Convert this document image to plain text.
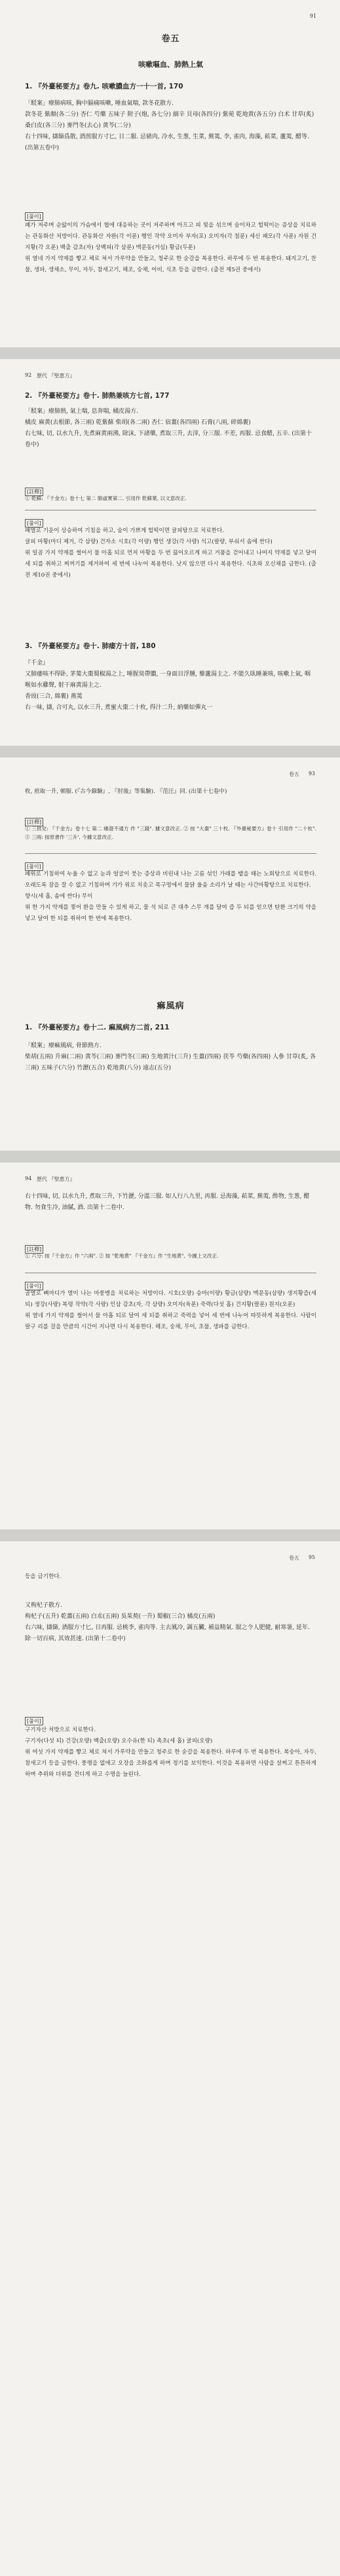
91
卷五
咳嗽嘔血、肺熱上氣
1. 『外臺秘要方』卷九. 咳嗽膿血方一十一首, 170
「駁案」療肺病咳, 胸中膈痛咳嗽, 唾血氣喘, 款冬花散方.
款冬花 紫顏(各二分) 杏仁 芍藥 五味子 附子(炮, 各七分) 細辛 貝母(各四分) 紫菀 乾地黄(各五分) 白术 甘草(炙) 桑白皮(各三分) 麥門冬(去心) 黄芩(二分)
右十四味, 擣篩爲散, 酒煎服方寸匕, 日二服. 忌豬肉, 冷水, 生葱, 生菜, 蕪荑, 李, 雀肉, 海藻, 菘菜, 蘆荑, 醋等. (出第五卷中)
[풀이]
폐가 저주며 순앓이의 가슴에서 협에 대응하는 곳이 저주하며 아프고 피 빛을 섞으며 숨이차고 헐떡이는 증상을 치료하는 관동화산 처방이다. 관동화산 자완(각 이푼) 행인 작약 오미자 부자(포) 오미자(각 칠푼) 세신 패모(각 사푼) 자원 건지황(각 오푼) 백출 감초(자) 상백피(각 삼푼) 맥문동(거심) 황금(두푼)
위 열네 가지 약재를 빻고 체로 쳐서 가루약을 만들고, 청주로 한 숟갈을 복용한다. 하루에 두 번 복용한다. 돼지고기, 찬물, 생파, 생채소, 무이, 자두, 참새고기, 해조, 숭채, 어비, 식초 등을 금한다. (출전 제5권 중에서)
92 歷代 『聖惠方』
2. 『外臺秘要方』卷十. 肺熱兼咳方七首, 177
「駁案」療肺熱, 氣上喘, 息奔喘, 橘皮湯方.
橘皮 麻黄(去根節, 各三兩) 乾紫蘇 柴胡(各二兩) 杏仁 宿薑(各四兩) 石膏(八兩, 碎綿裹)
右七味, 切, 以水九升, 先煮麻黄兩沸, 除沫, 下諸藥, 煮取三升, 去滓, 分三服. 不差, 再服. 忌食醋, 五辛. (出第十卷中)
[註釋]
① 乾蘇: 『千金方』卷十七 第二 肺虛實第二. 引用作 乾蘇葉, 以文意改正.
[풀이]
폐열로 기운이 상승하여 기침을 하고, 숨이 가쁘게 헐떡이면 귤피탕으로 치료한다.
귤피 마황(마디 제거, 각 삼량) 건자소 시호(각 이량) 행인 생강(각 사량) 석고(팔량, 부숴서 솜에 싼다)
위 일곱 가지 약재를 썰어서 물 아홉 되로 먼저 마황을 두 번 끓어오르게 하고 거품을 걷어내고 나머지 약재를 넣고 달여 세 되를 취하고 찌꺼기를 제거하여 세 번에 나누어 복용한다. 낫지 않으면 다시 복용한다. 식초와 오신채를 금한다. (출전 제10권 중에서)
3. 『外臺秘要方』卷十. 肺痿方十首, 180
『千金』
又肺痿咳不得卧, 茅葉大棗蜀椒湯之上, 唾腥臭帶膿, 一身面目浮腫, 藜蘆湯主之. 不能久臥睡兼咳, 咳嗽上氣, 咽喉如水雞聲, 射干麻黄湯主之.
香豉(三合, 綿裹) 燕荑
右一味, 擣, 合可丸, 以水三升, 煮蜜大棗二十枚, 得汁二升, 納藥如彈丸一
卷五 93
枚, 煎取一升, 頓服. (『古今錄驗』, 『肘後』等集驗). 『范汪』同. (出第十七卷中)
[註釋]
① 三拱兌: 『千金方』卷十七 第二 痿證不通方 作 "三錢". 據文意改正. ② 按 "大棗" 三十枚, 『外臺秘要方』卷十 引用作 "二十枚". ③ 三兩: 按原書作 '三升', 今據文意改正.
[풀이]
폐위로 기침하여 누울 수 없고 눈과 얼굴이 붓는 증상과 비린내 나는 고름 섞인 가래를 뱉을 때는 노회탕으로 치료한다. 오래도록 잠을 잘 수 없고 기침하며 기가 위로 치솟고 목구멍에서 물닭 울음 소리가 날 때는 사간마황탕으로 치료한다.
향시(세 홉, 솜에 싼다) 무이
위 한 가지 약재를 찧어 환을 만들 수 있게 하고, 물 석 되로 큰 대추 스무 개를 달여 즙 두 되를 얻으면 탄환 크기의 약을 넣고 달여 한 되를 취하여 한 번에 복용한다.
痲風病
1. 『外臺秘要方』卷十二. 痲風病方二首, 211
「駁案」療痲風病, 骨節熱方.
柴胡(五兩) 升麻(二兩) 黄芩(三兩) 麥門冬(三兩) 生地黄汁(三升) 生薑(四兩) 茯苓 芍藥(各四兩) 人參 甘草(炙, 各三兩) 五味子(六分) 竹瀝(五合) 乾地黄(八分) 遠志(五分)
94 歷代 『聖惠方』
右十四味, 切, 以水九升, 煮取三升, 下竹瀝, 分溫三服. 如人行八九里, 再服. 忌海藻, 菘菜, 蕪荑, 酢物, 生葱, 醋物. 勿食生冷, 油膩, 酒. 出第十二卷中.
[註釋]
① 六分: 按『千金方』作 "六兩". ② 按 "乾地黄" 『千金方』作 "生地黄", 今據上文改正.
[풀이]
골열로 뼈마디가 열이 나는 마풍병을 치료하는 처방이다. 시호(오량) 승마(이량) 황금(삼량) 맥문동(삼량) 생지황즙(세 되) 생강(사량) 복령 작약(각 사량) 인삼 감초(자, 각 삼량) 오미자(육푼) 죽력(다섯 홉) 건지황(팔푼) 원지(오푼)
위 열네 가지 약재를 썰어서 물 아홉 되로 달여 세 되를 취하고 죽력을 넣어 세 번에 나누어 따뜻하게 복용한다. 사람이 팔구 리를 걸을 만큼의 시간이 지나면 다시 복용한다. 해조, 숭채, 무이, 초물, 생파를 금한다.
卷五 95
등을 금기한다.
又枸杞子散方.
枸杞子(五升) 乾薑(五兩) 白朮(五兩) 吳茱萸(一升) 蜀椒(三合) 橘皮(五兩)
右六味, 擣篩, 酒服方寸匕, 日再服. 忌桃李, 雀肉等. 主去風冷, 調五臟, 補益精氣. 服之令人肥健, 耐寒暑, 延年. 除一切百病, 其效甚速. (出第十二卷中)
[풀이]
구기자산 처방으로 치료한다.
구기자(다섯 되) 건강(오량) 백출(오량) 오수유(한 되) 촉초(세 홉) 귤피(오량)
위 여섯 가지 약재를 빻고 체로 쳐서 가루약을 만들고 청주로 한 숟갈을 복용한다. 하루에 두 번 복용한다. 복숭아, 자두, 참새고기 등을 금한다. 풍랭을 없애고 오장을 조화롭게 하며 정기를 보익한다. 이것을 복용하면 사람을 살찌고 튼튼하게 하며 추위와 더위를 견디게 하고 수명을 늘린다.
